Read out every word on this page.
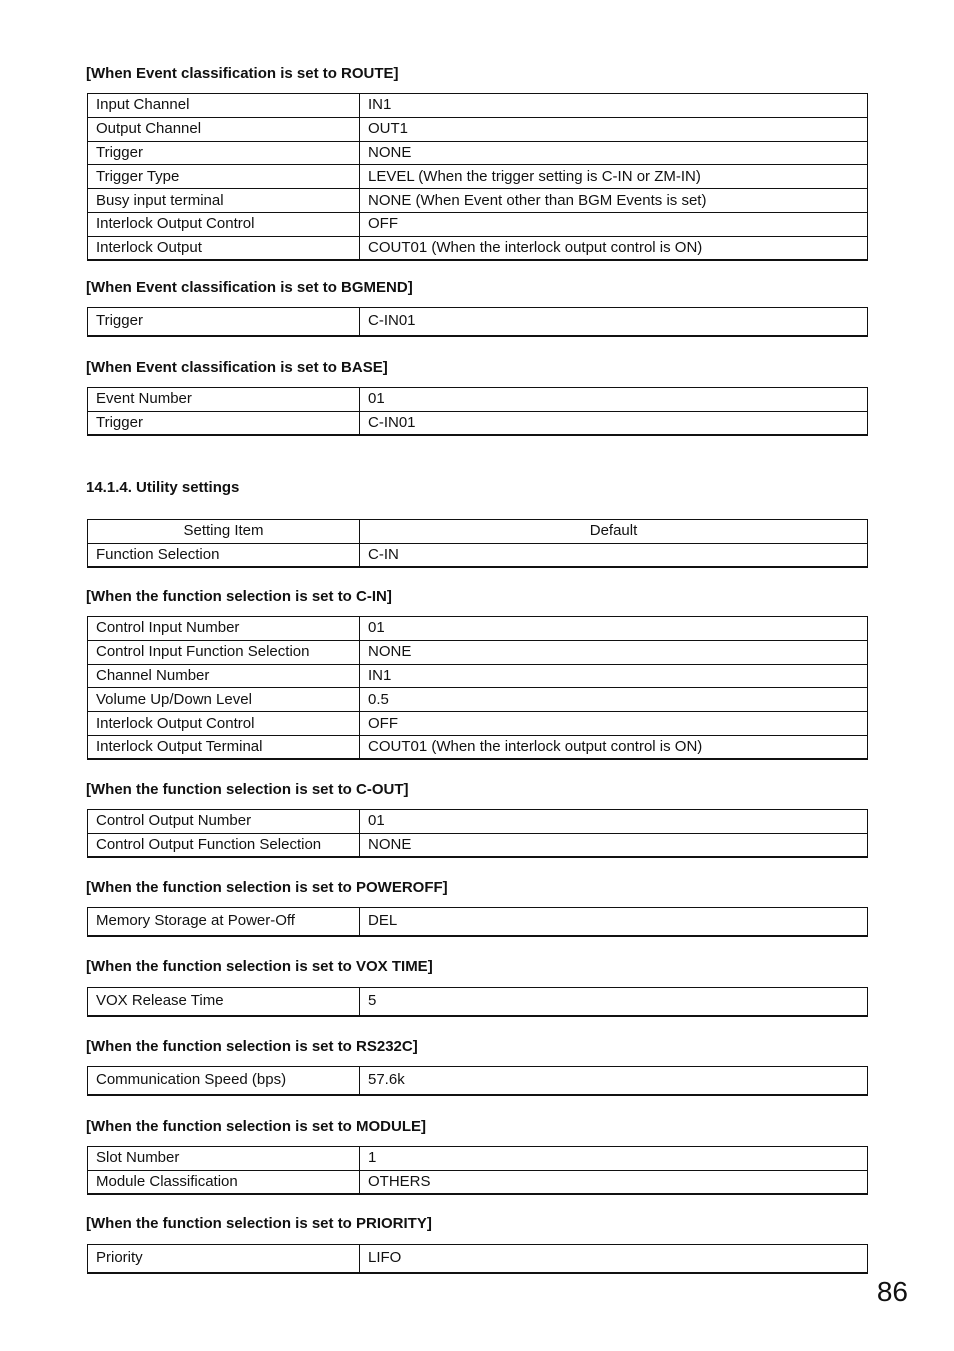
[When Event classification is set to ROUTE]
Input Channel	IN1
Output Channel	OUT1
Trigger	NONE
Trigger Type	LEVEL (When the trigger setting is C-IN or ZM-IN)
Busy input terminal	NONE (When Event other than BGM Events is set)
Interlock Output Control	OFF
Interlock Output	COUT01 (When the interlock output control is ON)
[When Event classification is set to BGMEND]
Trigger	C-IN01
[When Event classification is set to BASE]
Event Number	01
Trigger	C-IN01
14.1.4. Utility settings
Setting Item	Default
Function Selection	C-IN
[When the function selection is set to C-IN]
Control Input Number	01
Control Input Function Selection	NONE
Channel Number	IN1
Volume Up/Down Level	0.5
Interlock Output Control	OFF
Interlock Output Terminal	COUT01 (When the interlock output control is ON)
[When the function selection is set to C-OUT]
Control Output Number	01
Control Output Function Selection	NONE
[When the function selection is set to POWEROFF]
Memory Storage at Power-Off	DEL
[When the function selection is set to VOX TIME]
VOX Release Time	5
[When the function selection is set to RS232C]
Communication Speed (bps)	57.6k
[When the function selection is set to MODULE]
Slot Number	1
Module Classification	OTHERS
[When the function selection is set to PRIORITY]
Priority	LIFO
86
